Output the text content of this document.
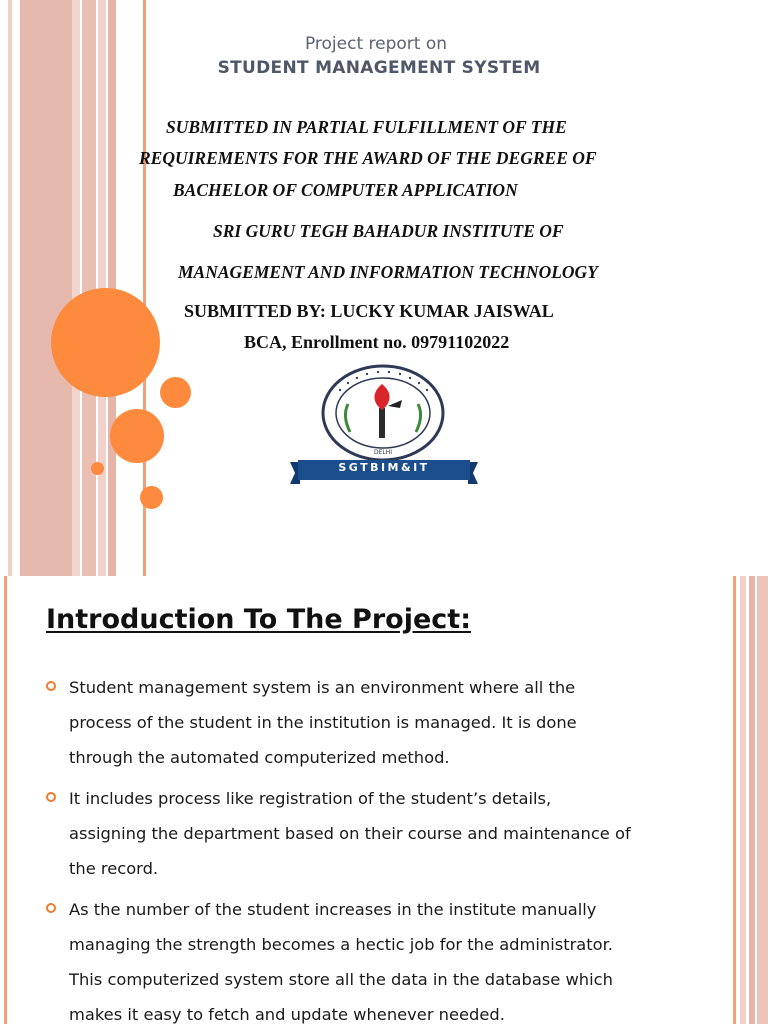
Project report on
STUDENT MANAGEMENT SYSTEM
SUBMITTED IN PARTIAL FULFILLMENT OF THE
REQUIREMENTS FOR THE AWARD OF THE DEGREE OF
BACHELOR OF COMPUTER APPLICATION
SRI GURU TEGH BAHADUR INSTITUTE OF
MANAGEMENT AND INFORMATION TECHNOLOGY
SUBMITTED BY: LUCKY KUMAR JAISWAL
BCA, Enrollment no. 09791102022
DELHI
SGTBIM&IT
Introduction To The Project:
Student management system is an environment where all the
process of the student in the institution is managed. It is done
through the automated computerized method.
It includes process like registration of the student’s details,
assigning the department based on their course and maintenance of
the record.
As the number of the student increases in the institute manually
managing the strength becomes a hectic job for the administrator.
This computerized system store all the data in the database which
makes it easy to fetch and update whenever needed.
